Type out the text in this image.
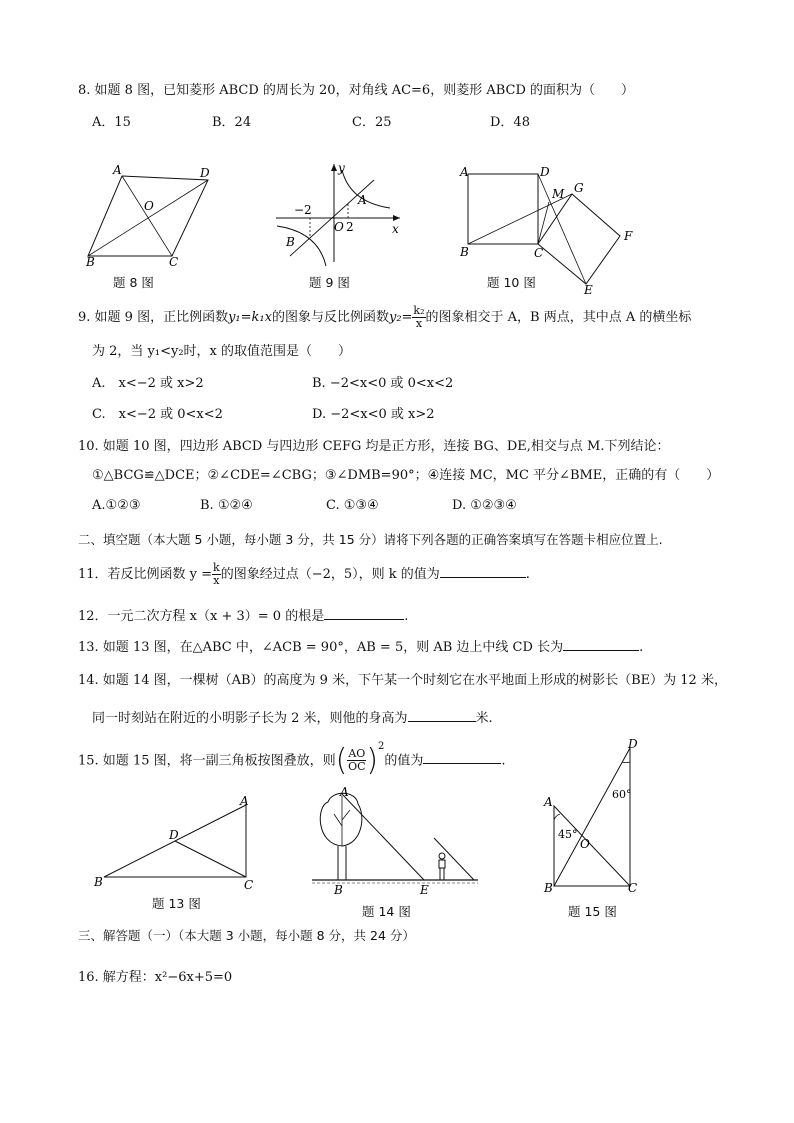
8. 如题 8 图，已知菱形 ABCD 的周长为 20，对角线 AC=6，则菱形 ABCD 的面积为（　　）
A．15	B．24	C．25	D．48
A	D
B	C
O
题 8 图
y
x
A
B
O
−2
2
题 9 图
A	D
B	C
M G
F
E
题 10 图
9. 如题 9 图，正比例函数y₁=k₁x的图象与反比例函数$y_2= \frac{\text{k₂}}{x}$ 的图象相交于 A，B 两点，其中点 A 的横坐标
为 2，当 y₁<y₂时，x 的取值范围是（　　）
A.　x<−2 或 x>2	B. −2<x<0 或 0<x<2
C.　x<−2 或 0<x<2	D. −2<x<0 或 x>2
10. 如题 10 图，四边形 ABCD 与四边形 CEFG 均是正方形，连接 BG、DE,相交与点 M.下列结论：
①△BCG≌△DCE；②∠CDE=∠CBG；③∠DMB=90°；④连接 MC，MC 平分∠BME，正确的有（　　）
A.①②③	B. ①②④	C. ①③④	D. ①②③④
二、填空题（本大题 5 小题，每小题 3 分，共 15 分）请将下列各题的正确答案填写在答题卡相应位置上.
11．若反比例函数 $y = \frac{k}{x}$ 的图象经过点（−2，5），则 k 的值为	.
12．一元二次方程 x（x + 3）= 0 的根是	.
13. 如题 13 图，在△ABC 中，∠ACB = 90°，AB = 5，则 AB 边上中线 CD 长为	.
14. 如题 14 图，一棵树（AB）的高度为 9 米，下午某一个时刻它在水平地面上形成的树影长（BE）为 12 米，
同一时刻站在附近的小明影子长为 2 米，则他的身高为	米.
15. 如题 15 图，将一副三角板按图叠放，则( $\frac{AO}{OC} )^2$的值为	.
A
B	C
D
题 13 图
A
B	E
题 14 图
A
D
B	C
O
45°
60°
题 15 图
三、解答题（一）（本大题 3 小题，每小题 8 分，共 24 分）
16. 解方程：x²−6x+5=0
